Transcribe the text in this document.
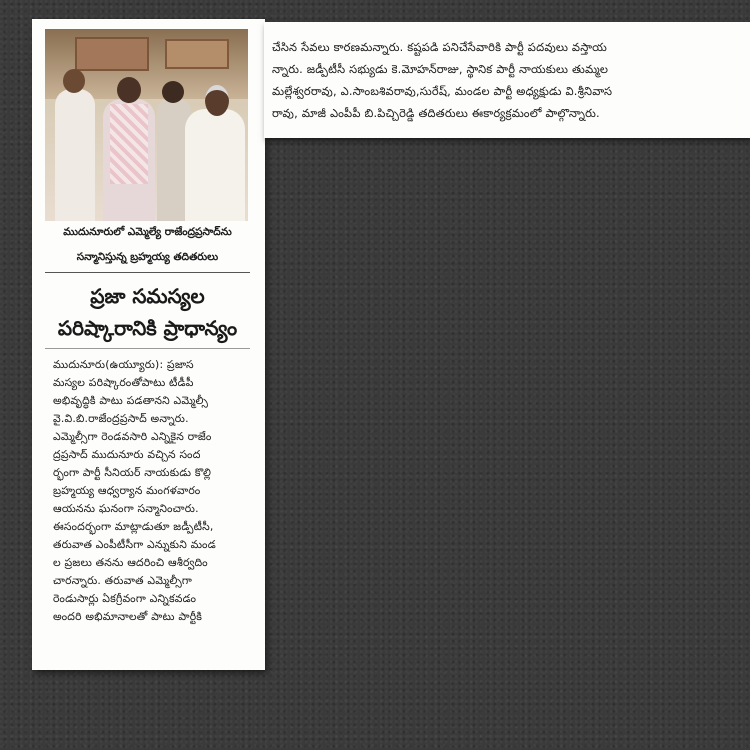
ముదునూరులో ఎమ్మెల్యే రాజేంద్రప్రసాద్‌ను
సన్మానిస్తున్న బ్రహ్మయ్య తదితరులు
ప్రజా సమస్యల
పరిష్కారానికి ప్రాధాన్యం
ముదునూరు(ఉయ్యూరు): ప్రజాస
మస్యల పరిష్కారంతోపాటు టీడీపీ
అభివృద్ధికి పాటు పడతానని ఎమ్మెల్సీ
వై.వి.బి.రాజేంద్రప్రసాద్ అన్నారు.
ఎమ్మెల్సీగా రెండవసారి ఎన్నికైన రాజేం
ద్రప్రసాద్ ముదునూరు వచ్చిన సంద
ర్భంగా పార్టీ సీనియర్ నాయకుడు కొల్లి
బ్రహ్మయ్య ఆధ్వర్యాన మంగళవారం
ఆయనను ఘనంగా సన్మానించారు.
ఈసందర్భంగా మాట్లాడుతూ జడ్పీటీసీ,
తరువాత ఎంపీటీసీగా ఎన్నుకుని మండ
ల ప్రజలు తనను ఆదరించి ఆశీర్వదిం
చారన్నారు. తరువాత ఎమ్మెల్సీగా
రెండుసార్లు ఏకగ్రీవంగా ఎన్నికవడం
అందరి అభిమానాలతో పాటు పార్టీకి
చేసిన సేవలు కారణమన్నారు. కష్టపడి పనిచేసేవారికి పార్టీ పదవులు వస్తాయ
న్నారు. జడ్పీటీసీ సభ్యుడు కె.మోహన్‌రాజు, స్థానిక పార్టీ నాయకులు తుమ్మల
మల్లేశ్వరరావు, ఎ.సాంబశివరావు,సురేష్, మండల పార్టీ అధ్యక్షుడు వి.శ్రీనివాస
రావు, మాజీ ఎంపీపీ బి.పిచ్చిరెడ్డి తదితరులు ఈకార్యక్రమంలో పాల్గొన్నారు.
